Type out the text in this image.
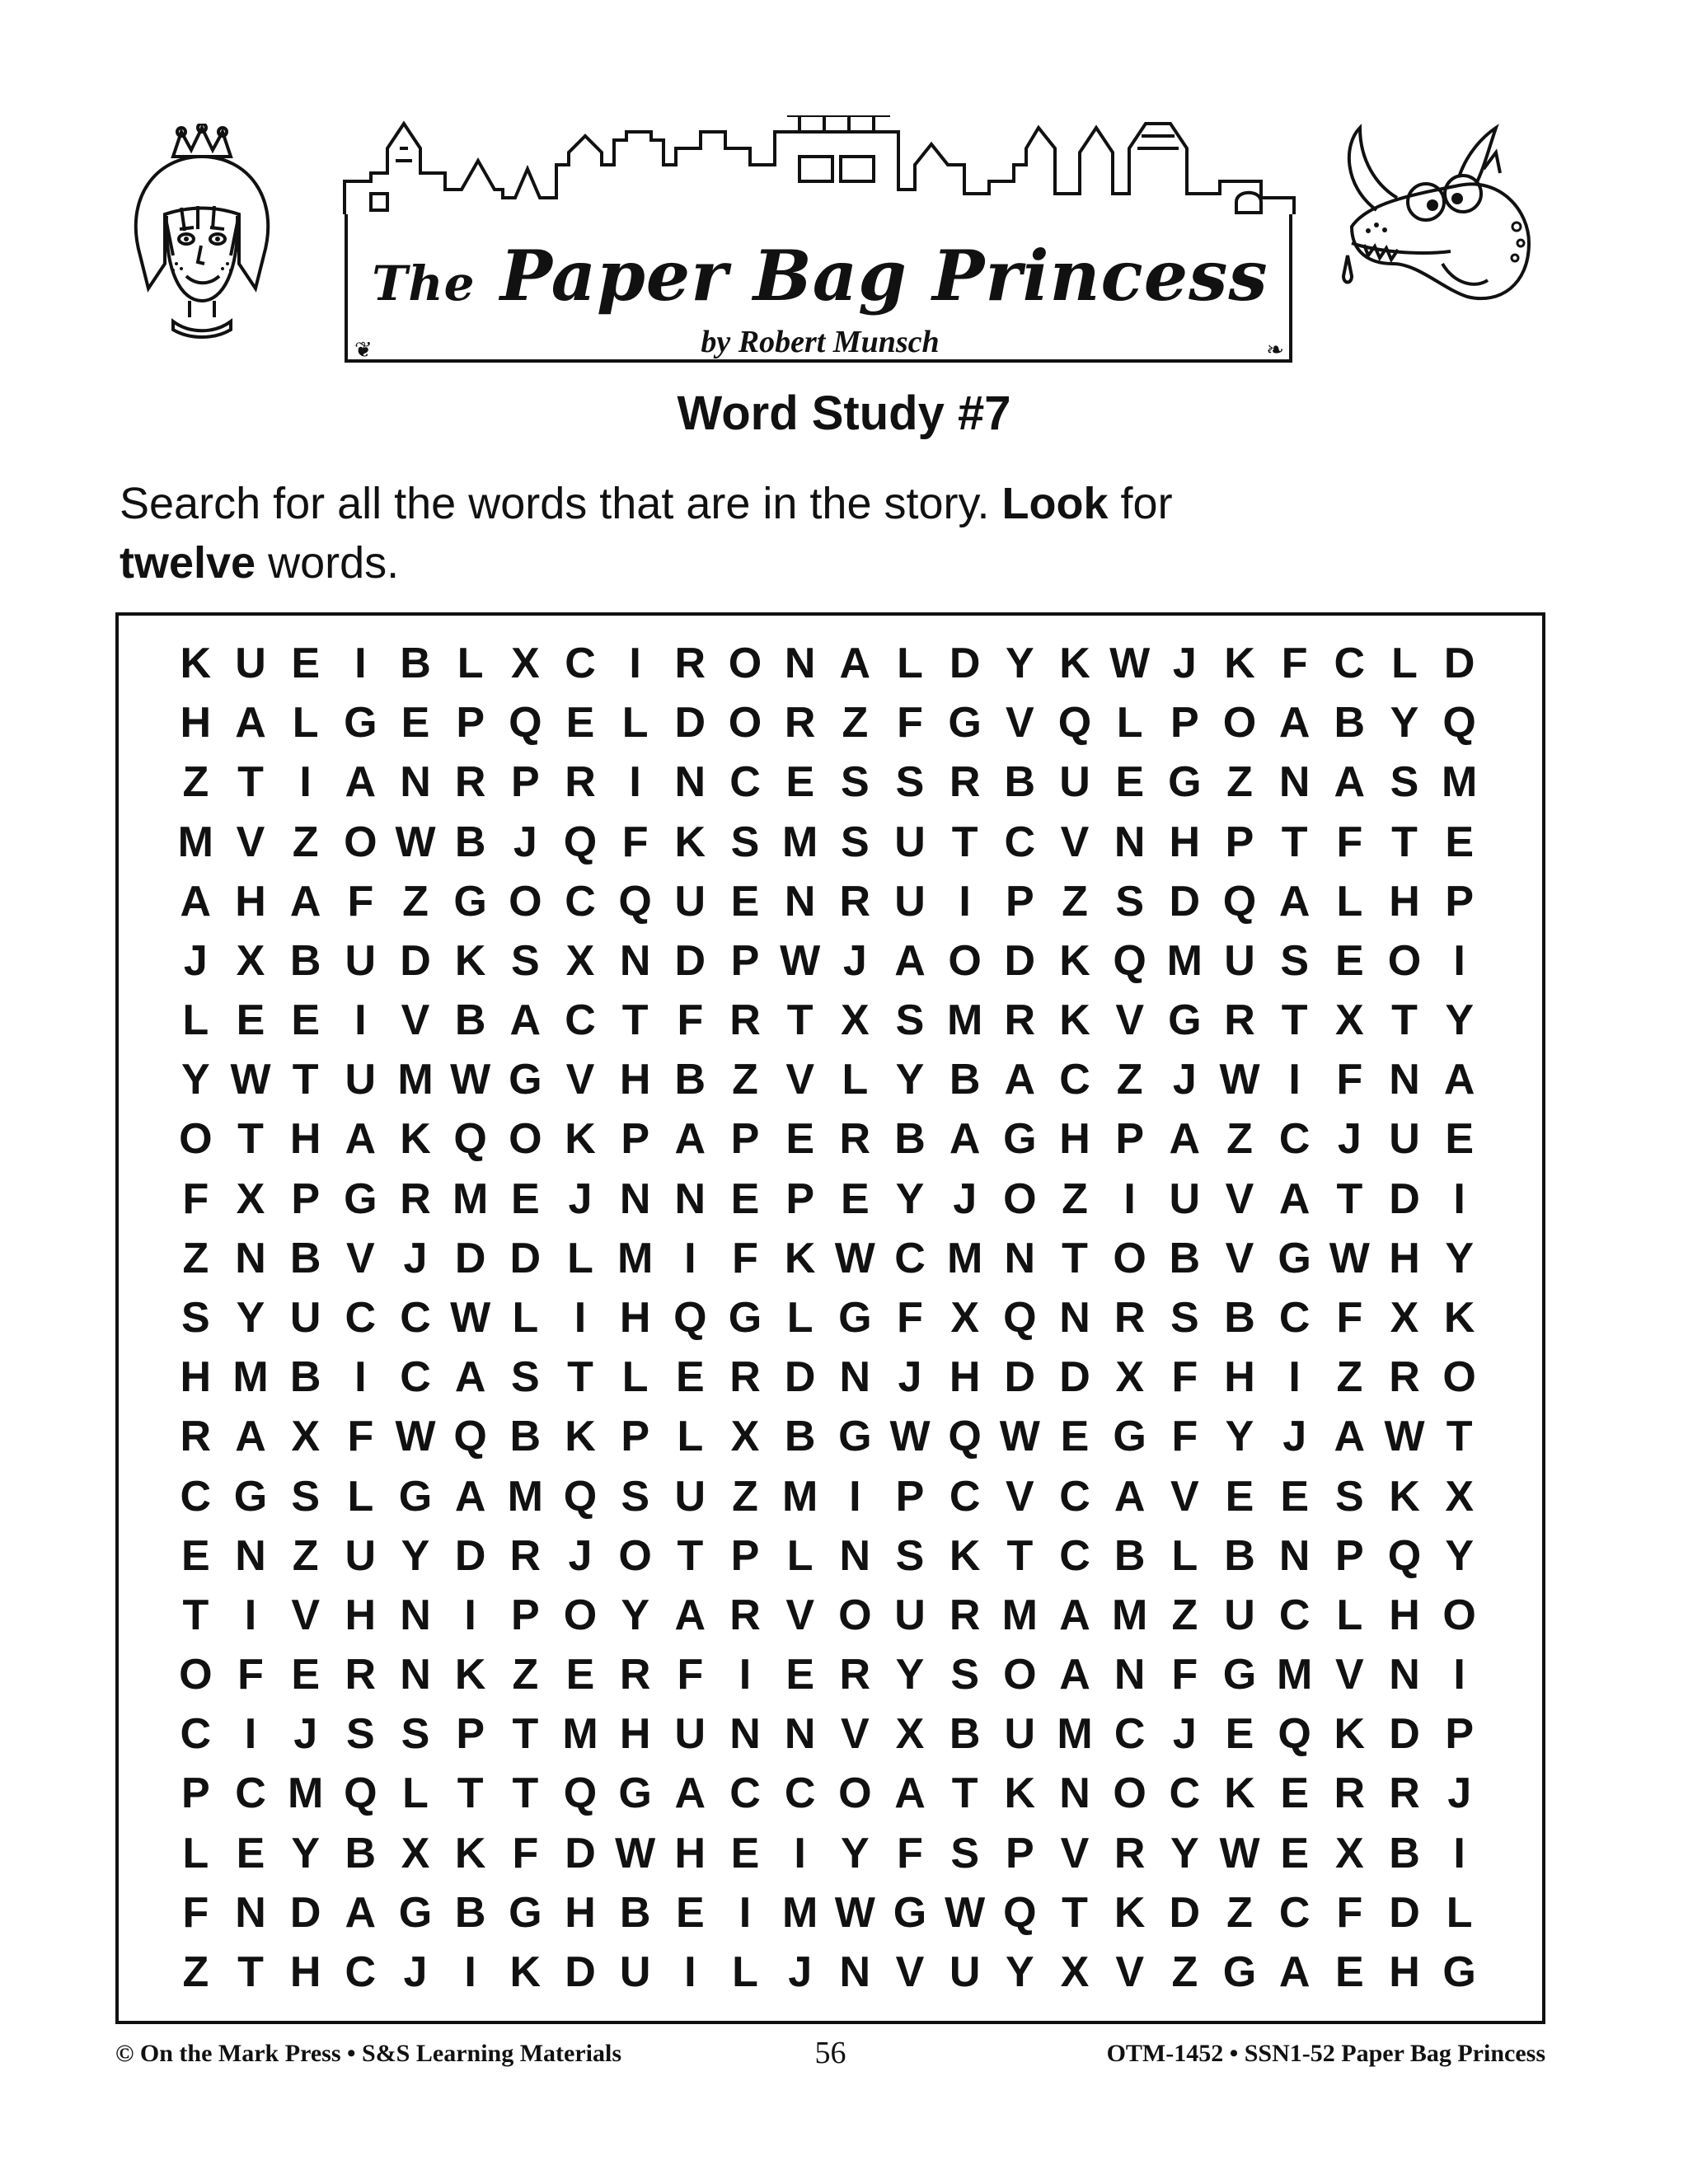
The Paper Bag Princess
by Robert Munsch
❦	❧
Word Study #7
Search for all the words that are in the story. Look for
twelve words.
K U E I B L X C I R O N A L D Y K W J K F C L D
H A L G E P Q E L D O R Z F G V Q L P O A B Y Q
Z T I A N R P R I N C E S S R B U E G Z N A S M
M V Z O W B J Q F K S M S U T C V N H P T F T E
A H A F Z G O C Q U E N R U I P Z S D Q A L H P
J X B U D K S X N D P W J A O D K Q M U S E O I
L E E I V B A C T F R T X S M R K V G R T X T Y
Y W T U M W G V H B Z V L Y B A C Z J W I F N A
O T H A K Q O K P A P E R B A G H P A Z C J U E
F X P G R M E J N N E P E Y J O Z I U V A T D I
Z N B V J D D L M I F K W C M N T O B V G W H Y
S Y U C C W L I H Q G L G F X Q N R S B C F X K
H M B I C A S T L E R D N J H D D X F H I Z R O
R A X F W Q B K P L X B G W Q W E G F Y J A W T
C G S L G A M Q S U Z M I P C V C A V E E S K X
E N Z U Y D R J O T P L N S K T C B L B N P Q Y
T I V H N I P O Y A R V O U R M A M Z U C L H O
O F E R N K Z E R F I E R Y S O A N F G M V N I
C I J S S P T M H U N N V X B U M C J E Q K D P
P C M Q L T T Q G A C C O A T K N O C K E R R J
L E Y B X K F D W H E I Y F S P V R Y W E X B I
F N D A G B G H B E I M W G W Q T K D Z C F D L
Z T H C J I K D U I L J N V U Y X V Z G A E H G
© On the Mark Press • S&S Learning Materials	56	OTM-1452 • SSN1-52 Paper Bag Princess
